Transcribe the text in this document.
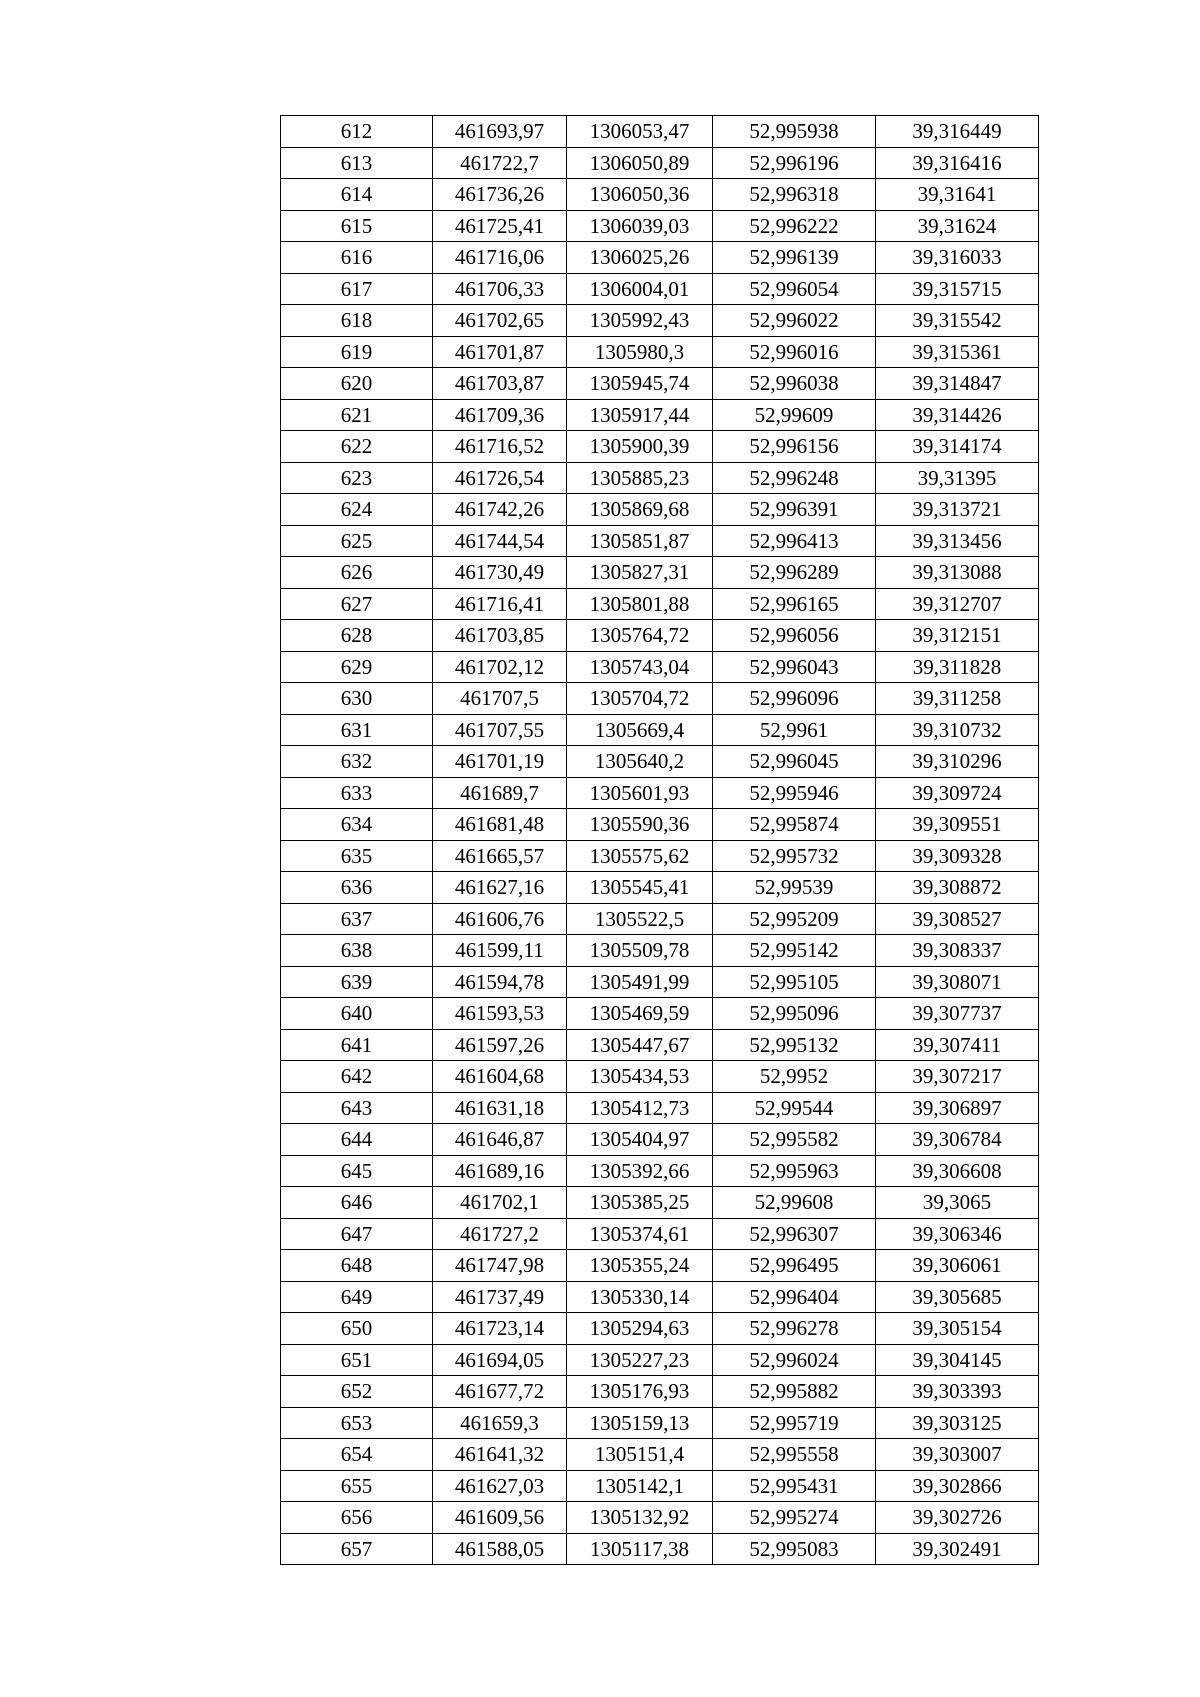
612	461693,97	1306053,47	52,995938	39,316449
613	461722,7	1306050,89	52,996196	39,316416
614	461736,26	1306050,36	52,996318	39,31641
615	461725,41	1306039,03	52,996222	39,31624
616	461716,06	1306025,26	52,996139	39,316033
617	461706,33	1306004,01	52,996054	39,315715
618	461702,65	1305992,43	52,996022	39,315542
619	461701,87	1305980,3	52,996016	39,315361
620	461703,87	1305945,74	52,996038	39,314847
621	461709,36	1305917,44	52,99609	39,314426
622	461716,52	1305900,39	52,996156	39,314174
623	461726,54	1305885,23	52,996248	39,31395
624	461742,26	1305869,68	52,996391	39,313721
625	461744,54	1305851,87	52,996413	39,313456
626	461730,49	1305827,31	52,996289	39,313088
627	461716,41	1305801,88	52,996165	39,312707
628	461703,85	1305764,72	52,996056	39,312151
629	461702,12	1305743,04	52,996043	39,311828
630	461707,5	1305704,72	52,996096	39,311258
631	461707,55	1305669,4	52,9961	39,310732
632	461701,19	1305640,2	52,996045	39,310296
633	461689,7	1305601,93	52,995946	39,309724
634	461681,48	1305590,36	52,995874	39,309551
635	461665,57	1305575,62	52,995732	39,309328
636	461627,16	1305545,41	52,99539	39,308872
637	461606,76	1305522,5	52,995209	39,308527
638	461599,11	1305509,78	52,995142	39,308337
639	461594,78	1305491,99	52,995105	39,308071
640	461593,53	1305469,59	52,995096	39,307737
641	461597,26	1305447,67	52,995132	39,307411
642	461604,68	1305434,53	52,9952	39,307217
643	461631,18	1305412,73	52,99544	39,306897
644	461646,87	1305404,97	52,995582	39,306784
645	461689,16	1305392,66	52,995963	39,306608
646	461702,1	1305385,25	52,99608	39,3065
647	461727,2	1305374,61	52,996307	39,306346
648	461747,98	1305355,24	52,996495	39,306061
649	461737,49	1305330,14	52,996404	39,305685
650	461723,14	1305294,63	52,996278	39,305154
651	461694,05	1305227,23	52,996024	39,304145
652	461677,72	1305176,93	52,995882	39,303393
653	461659,3	1305159,13	52,995719	39,303125
654	461641,32	1305151,4	52,995558	39,303007
655	461627,03	1305142,1	52,995431	39,302866
656	461609,56	1305132,92	52,995274	39,302726
657	461588,05	1305117,38	52,995083	39,302491
